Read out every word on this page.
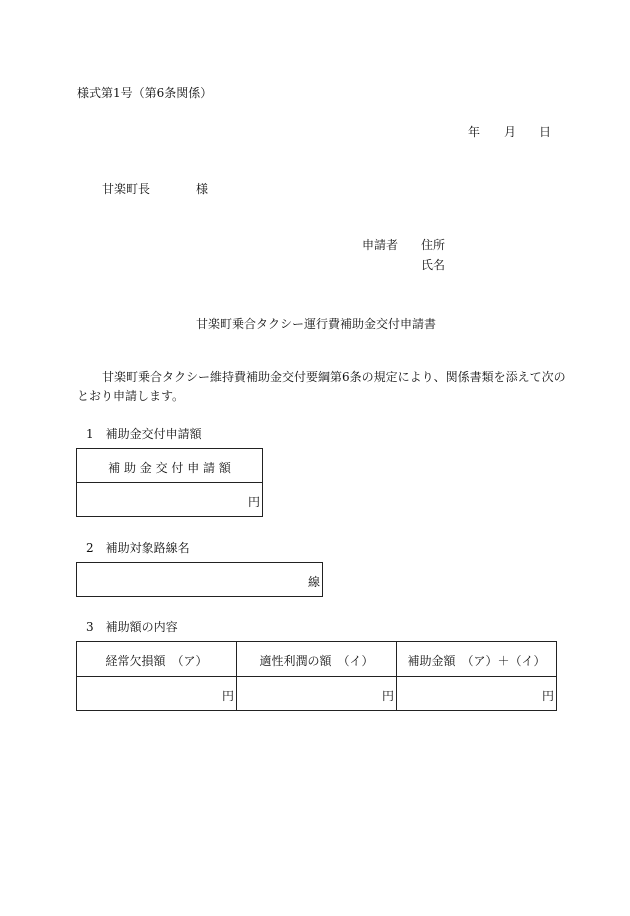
様式第1号（第6条関係）
年 月 日
甘楽町長	様
申請者 住所
氏名
甘楽町乗合タクシー運行費補助金交付申請書
甘楽町乗合タクシー維持費補助金交付要綱第6条の規定により、関係書類を添えて次の
とおり申請します。
1　補助金交付申請額
補 助 金 交 付 申 請 額
円
2　補助対象路線名
線
3　補助額の内容
経常欠損額　（ア）	適性利潤の額　（イ）	補助金額　（ア）＋（イ）
円	円	円
